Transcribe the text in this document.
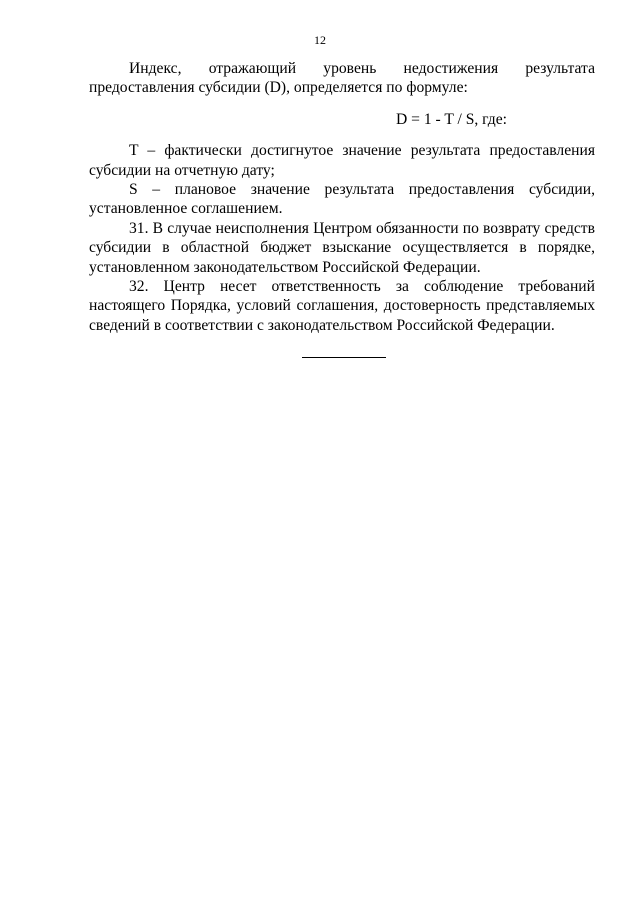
12

Индекс, отражающий уровень недостижения результата предоставления субсидии (D), определяется по формуле:

D = 1 - T / S, где:

T – фактически достигнутое значение результата предоставления субсидии на отчетную дату;

S – плановое значение результата предоставления субсидии, установленное соглашением.

31. В случае неисполнения Центром обязанности по возврату средств субсидии в областной бюджет взыскание осуществляется в порядке, установленном законодательством Российской Федерации.

32. Центр несет ответственность за соблюдение требований настоящего Порядка, условий соглашения, достоверность представляемых сведений в соответствии с законодательством Российской Федерации.
